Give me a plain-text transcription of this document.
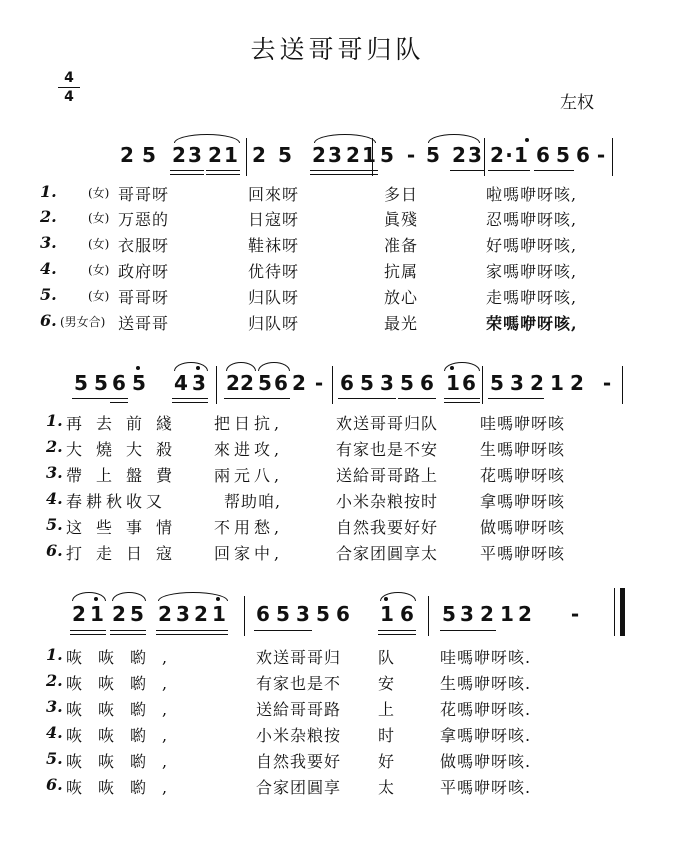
去送哥哥归队
4
4	左权
2 5 2 3 2 1 2 5 2 3 2 1 5 - 5 2 3 2 · 1 6 5 6 -
1.	(女) 哥哥呀	回來呀	多日	啦嗎咿呀咳,
2.	(女) 万惡的	日寇呀	眞殘	忍嗎咿呀咳,
3.	(女) 衣服呀	鞋袜呀	准备	好嗎咿呀咳,
4.	(女) 政府呀	优待呀	抗属	家嗎咿呀咳,
5.	(女) 哥哥呀	归队呀	放心	走嗎咿呀咳,
6. (男女合) 送哥哥	归队呀	最光	荣嗎咿呀咳,
5 5 6 5 4 3 2 2 5 6 2 - 6 5 3 5 6 1 6 5 3 2 1 2 -
1. 再去前綫 把日抗,	欢送哥哥归队	哇嗎咿呀咳
2. 大燒大殺 來进攻,	有家也是不安	生嗎咿呀咳
3. 帶上盤費 兩元八,	送給哥哥路上	花嗎咿呀咳
4. 春耕秋收又	帮助咱,	小米杂粮按时	拿嗎咿呀咳
5. 这些事情 不用愁,	自然我要好好	做嗎咿呀咳
6. 打走日寇 回家中,	合家团圓享太	平嗎咿呀咳
2 1 2 5 2 3 2 1 6 5 3 5 6 1 6 5 3 2 1 2 -
1. 咴咴喲,	欢送哥哥归 队	哇嗎咿呀咳.
2. 咴咴喲,	有家也是不 安	生嗎咿呀咳.
3. 咴咴喲,	送給哥哥路 上	花嗎咿呀咳.
4. 咴咴喲,	小米杂粮按 时	拿嗎咿呀咳.
5. 咴咴喲,	自然我要好 好	做嗎咿呀咳.
6. 咴咴喲,	合家团圓享 太	平嗎咿呀咳.
